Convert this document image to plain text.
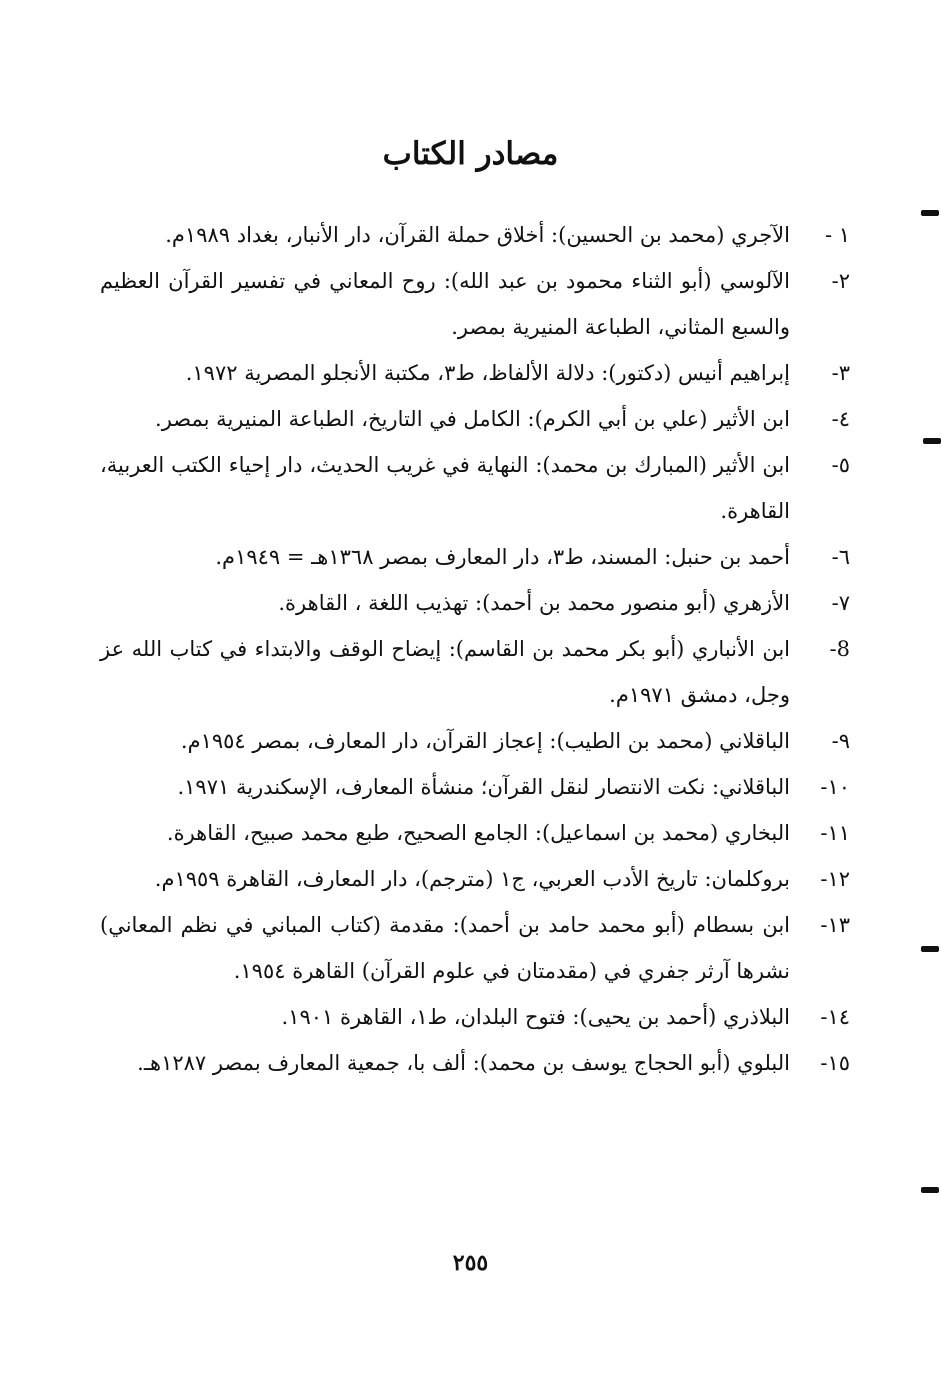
مصادر الكتاب
١ -
الآجري (محمد بن الحسين): أخلاق حملة القرآن، دار الأنبار، بغداد ١٩٨٩م.
٢-
الآلوسي (أبو الثناء محمود بن عبد الله): روح المعاني في تفسير القرآن العظيم والسبع المثاني، الطباعة المنيرية بمصر.
٣-
إبراهيم أنيس (دكتور): دلالة الألفاظ، ط٣، مكتبة الأنجلو المصرية ١٩٧٢.
٤-
ابن الأثير (علي بن أبي الكرم): الكامل في التاريخ، الطباعة المنيرية بمصر.
٥-
ابن الأثير (المبارك بن محمد): النهاية في غريب الحديث، دار إحياء الكتب العربية، القاهرة.
٦-
أحمد بن حنبل: المسند، ط٣، دار المعارف بمصر ١٣٦٨هـ = ١٩٤٩م.
٧-
الأزهري (أبو منصور محمد بن أحمد): تهذيب اللغة ، القاهرة.
8-
ابن الأنباري (أبو بكر محمد بن القاسم): إيضاح الوقف والابتداء في كتاب الله عز وجل، دمشق ١٩٧١م.
٩-
الباقلاني (محمد بن الطيب): إعجاز القرآن، دار المعارف، بمصر ١٩٥٤م.
١٠-
الباقلاني: نكت الانتصار لنقل القرآن؛ منشأة المعارف، الإسكندرية ١٩٧١.
١١-
البخاري (محمد بن اسماعيل): الجامع الصحيح، طبع محمد صبيح، القاهرة.
١٢-
بروكلمان: تاريخ الأدب العربي، ج١ (مترجم)، دار المعارف، القاهرة ١٩٥٩م.
١٣-
ابن بسطام (أبو محمد حامد بن أحمد): مقدمة (كتاب المباني في نظم المعاني) نشرها آرثر جفري في (مقدمتان في علوم القرآن) القاهرة ١٩٥٤.
١٤-
البلاذري (أحمد بن يحيى): فتوح البلدان، ط١، القاهرة ١٩٠١.
١٥-
البلوي (أبو الحجاج يوسف بن محمد): ألف با، جمعية المعارف بمصر ١٢٨٧هـ.
٢٥٥
